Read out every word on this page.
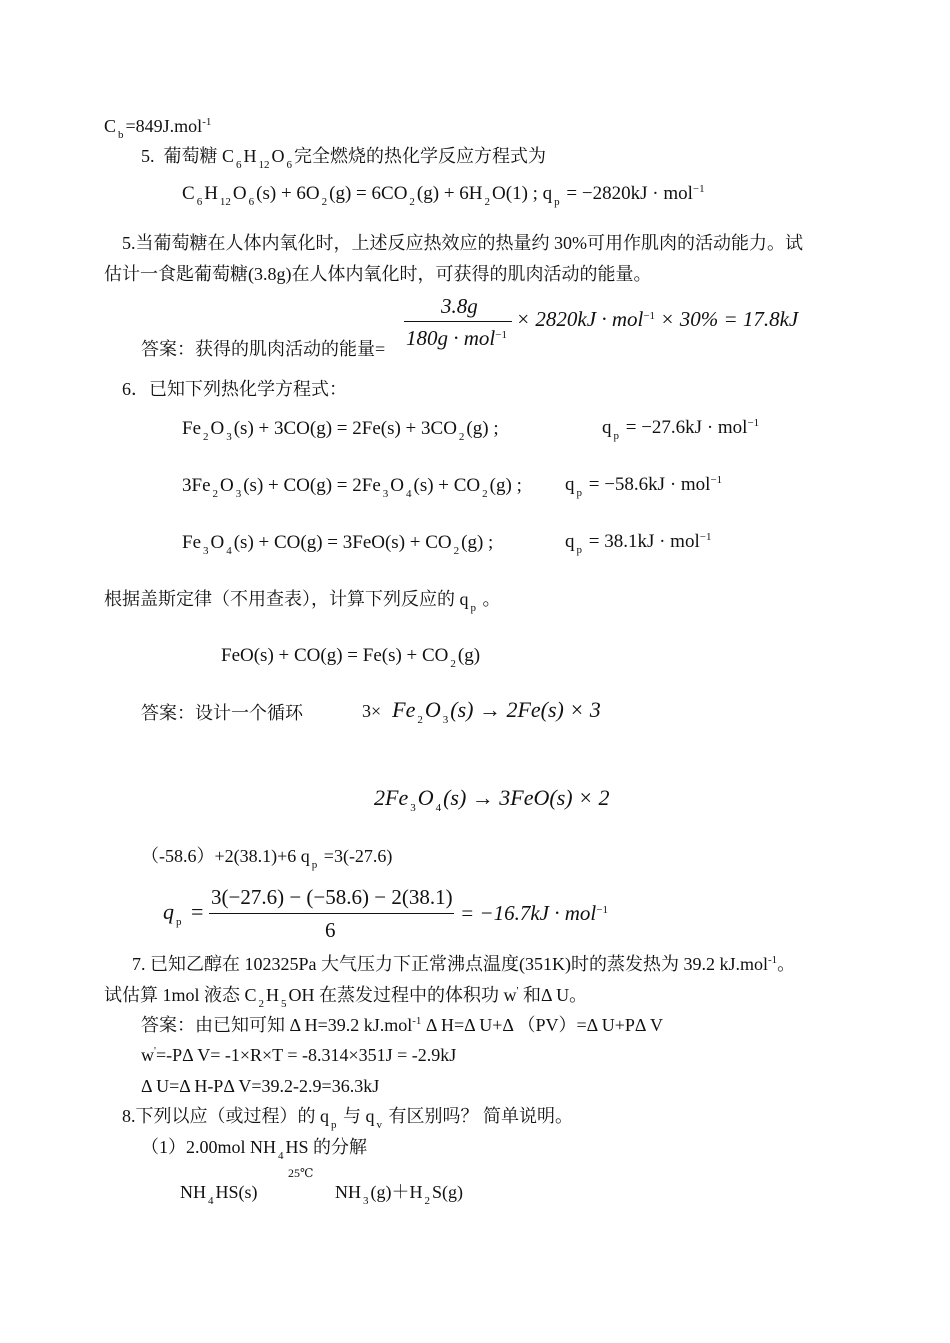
C $_b$ =849J.mol$^{-1}$
5. 葡萄糖 C $_6$ H $_{12}$ O $_6$ 完全燃烧的热化学反应方程式为
C $_6$ H $_{12}$ O $_6$ (s) + 6O $_2$ (g) = 6CO $_2$ (g) + 6H $_2$ O(1) ; q $_p$ = −2820kJ · mol$^{-1}$
5.当葡萄糖在人体内氧化时，上述反应热效应的热量约 30%可用作肌肉的活动能力。试
估计一食匙葡萄糖(3.8g)在人体内氧化时，可获得的肌肉活动的能量。
3.8g
180g · mol$^{-1}$
× 2820kJ · mol$^{-1}$ × 30% = 17.8kJ
答案：获得的肌肉活动的能量=
6．已知下列热化学方程式：
Fe $_2$ O $_3$ (s) + 3CO(g) = 2Fe(s) + 3CO $_2$ (g) ;	q $_p$ = −27.6kJ · mol$^{-1}$
3Fe $_2$ O $_3$ (s) + CO(g) = 2Fe $_3$ O $_4$ (s) + CO $_2$ (g) ; q $_p$ = −58.6kJ · mol$^{-1}$
Fe $_3$ O $_4$ (s) + CO(g) = 3FeO(s) + CO $_2$ (g) ;	q $_p$ = 38.1kJ · mol$^{-1}$
根据盖斯定律（不用查表），计算下列反应的 q $_p$ 。
FeO(s) + CO(g) = Fe(s) + CO $_2$ (g)
答案：设计一个循环	3× Fe $_2$O $_3$(s) → 2Fe(s) × 3
2Fe $_3$O $_4$(s) → 3FeO(s) × 2
（-58.6）+2(38.1)+6 q $_p$ =3(-27.6)
q $_p$ =
3(−27.6) − (−58.6) − 2(38.1)
6
= −16.7kJ · mol$^{-1}$
7. 已知乙醇在 102325Pa 大气压力下正常沸点温度(351K)时的蒸发热为 39.2 kJ.mol$^{-1}$。
试估算 1mol 液态 C $_2$ H $_5$ OH 在蒸发过程中的体积功 w' 和Δ U。
答案：由已知可知 Δ H=39.2 kJ.mol$^{-1}$ Δ H=Δ U+Δ （PV）=Δ U+PΔ V
w'=-PΔ V= -1×R×T = -8.314×351J = -2.9kJ
Δ U=Δ H-PΔ V=39.2-2.9=36.3kJ
8.下列以应（或过程）的 q $_p$ 与 q $_v$ 有区别吗？ 简单说明。
（1）2.00mol NH $_4$ HS 的分解
25℃
NH $_4$ HS(s)	NH $_3$ (g)＋H $_2$ S(g)
